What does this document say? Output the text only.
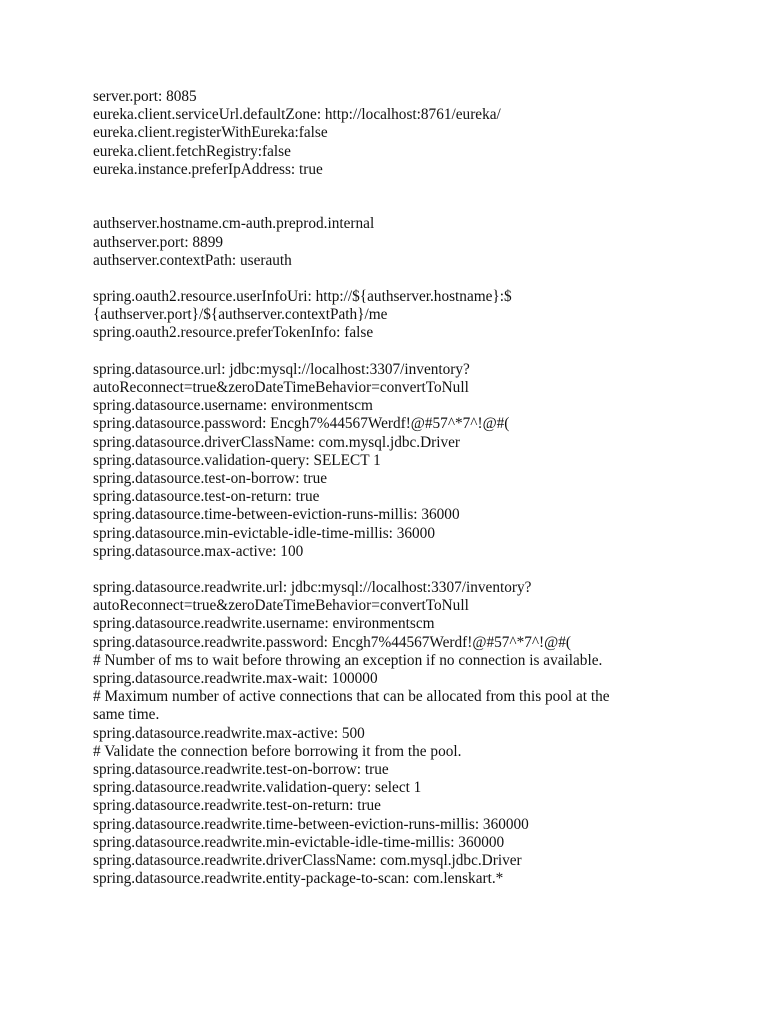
server.port: 8085
eureka.client.serviceUrl.defaultZone: http://localhost:8761/eureka/
eureka.client.registerWithEureka:false
eureka.client.fetchRegistry:false
eureka.instance.preferIpAddress: true
authserver.hostname.cm-auth.preprod.internal
authserver.port: 8899
authserver.contextPath: userauth
spring.oauth2.resource.userInfoUri: http://${authserver.hostname}:$
{authserver.port}/${authserver.contextPath}/me
spring.oauth2.resource.preferTokenInfo: false
spring.datasource.url: jdbc:mysql://localhost:3307/inventory?
autoReconnect=true&zeroDateTimeBehavior=convertToNull
spring.datasource.username: environmentscm
spring.datasource.password: Encgh7%44567Werdf!@#57^*7^!@#(
spring.datasource.driverClassName: com.mysql.jdbc.Driver
spring.datasource.validation-query: SELECT 1
spring.datasource.test-on-borrow: true
spring.datasource.test-on-return: true
spring.datasource.time-between-eviction-runs-millis: 36000
spring.datasource.min-evictable-idle-time-millis: 36000
spring.datasource.max-active: 100
spring.datasource.readwrite.url: jdbc:mysql://localhost:3307/inventory?
autoReconnect=true&zeroDateTimeBehavior=convertToNull
spring.datasource.readwrite.username: environmentscm
spring.datasource.readwrite.password: Encgh7%44567Werdf!@#57^*7^!@#(
# Number of ms to wait before throwing an exception if no connection is available.
spring.datasource.readwrite.max-wait: 100000
# Maximum number of active connections that can be allocated from this pool at the
same time.
spring.datasource.readwrite.max-active: 500
# Validate the connection before borrowing it from the pool.
spring.datasource.readwrite.test-on-borrow: true
spring.datasource.readwrite.validation-query: select 1
spring.datasource.readwrite.test-on-return: true
spring.datasource.readwrite.time-between-eviction-runs-millis: 360000
spring.datasource.readwrite.min-evictable-idle-time-millis: 360000
spring.datasource.readwrite.driverClassName: com.mysql.jdbc.Driver
spring.datasource.readwrite.entity-package-to-scan: com.lenskart.*
